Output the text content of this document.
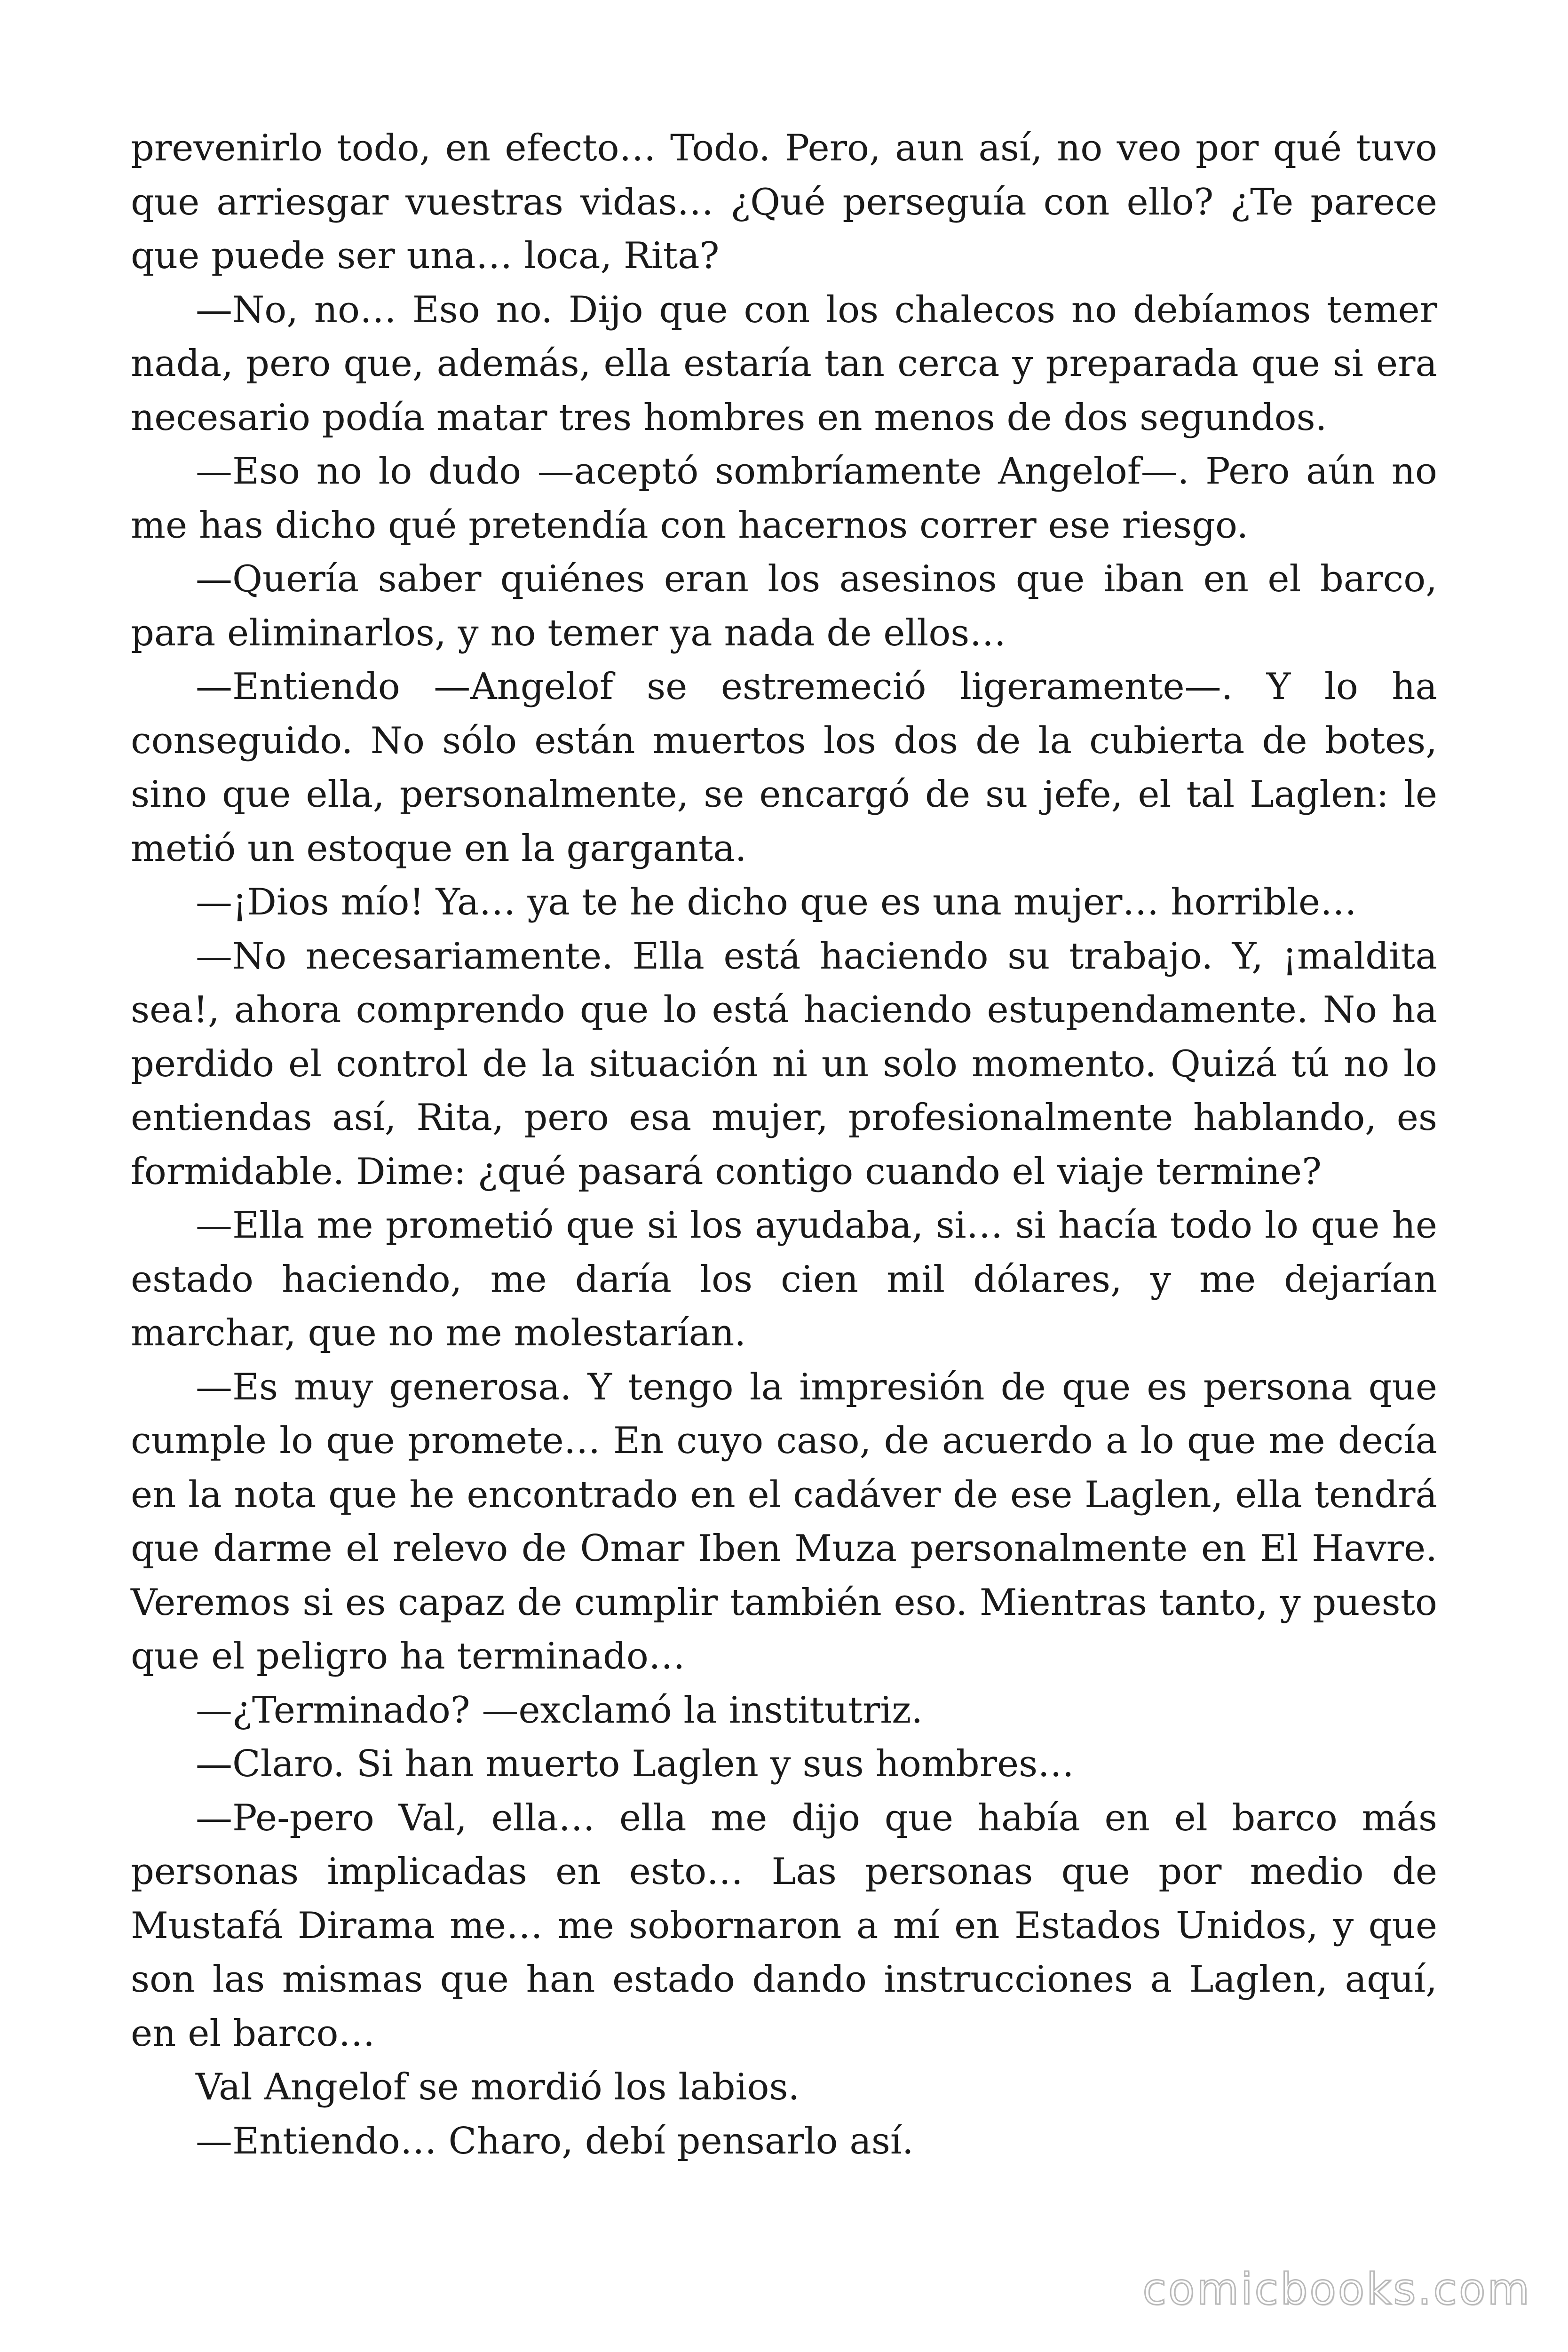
prevenirlo todo, en efecto… Todo. Pero, aun así, no veo por qué tuvo que arriesgar vuestras vidas… ¿Qué perseguía con ello? ¿Te parece que puede ser una… loca, Rita?

—No, no… Eso no. Dijo que con los chalecos no debíamos temer nada, pero que, además, ella estaría tan cerca y preparada que si era necesario podía matar tres hombres en menos de dos segundos.

—Eso no lo dudo —aceptó sombríamente Angelof—. Pero aún no me has dicho qué pretendía con hacernos correr ese riesgo.

—Quería saber quiénes eran los asesinos que iban en el barco, para eliminarlos, y no temer ya nada de ellos…

—Entiendo —Angelof se estremeció ligeramente—. Y lo ha conseguido. No sólo están muertos los dos de la cubierta de botes, sino que ella, personalmente, se encargó de su jefe, el tal Laglen: le metió un estoque en la garganta.

—¡Dios mío! Ya… ya te he dicho que es una mujer… horrible…

—No necesariamente. Ella está haciendo su trabajo. Y, ¡maldita sea!, ahora comprendo que lo está haciendo estupendamente. No ha perdido el control de la situación ni un solo momento. Quizá tú no lo entiendas así, Rita, pero esa mujer, profesionalmente hablando, es formidable. Dime: ¿qué pasará contigo cuando el viaje termine?

—Ella me prometió que si los ayudaba, si… si hacía todo lo que he estado haciendo, me daría los cien mil dólares, y me dejarían marchar, que no me molestarían.

—Es muy generosa. Y tengo la impresión de que es persona que cumple lo que promete… En cuyo caso, de acuerdo a lo que me decía en la nota que he encontrado en el cadáver de ese Laglen, ella tendrá que darme el relevo de Omar Iben Muza personalmente en El Havre. Veremos si es capaz de cumplir también eso. Mientras tanto, y puesto que el peligro ha terminado…

—¿Terminado? —exclamó la institutriz.

—Claro. Si han muerto Laglen y sus hombres…

—Pe-pero Val, ella… ella me dijo que había en el barco más personas implicadas en esto… Las personas que por medio de Mustafá Dirama me… me sobornaron a mí en Estados Unidos, y que son las mismas que han estado dando instrucciones a Laglen, aquí, en el barco…

Val Angelof se mordió los labios.

—Entiendo… Charo, debí pensarlo así.

comicbooks.com
